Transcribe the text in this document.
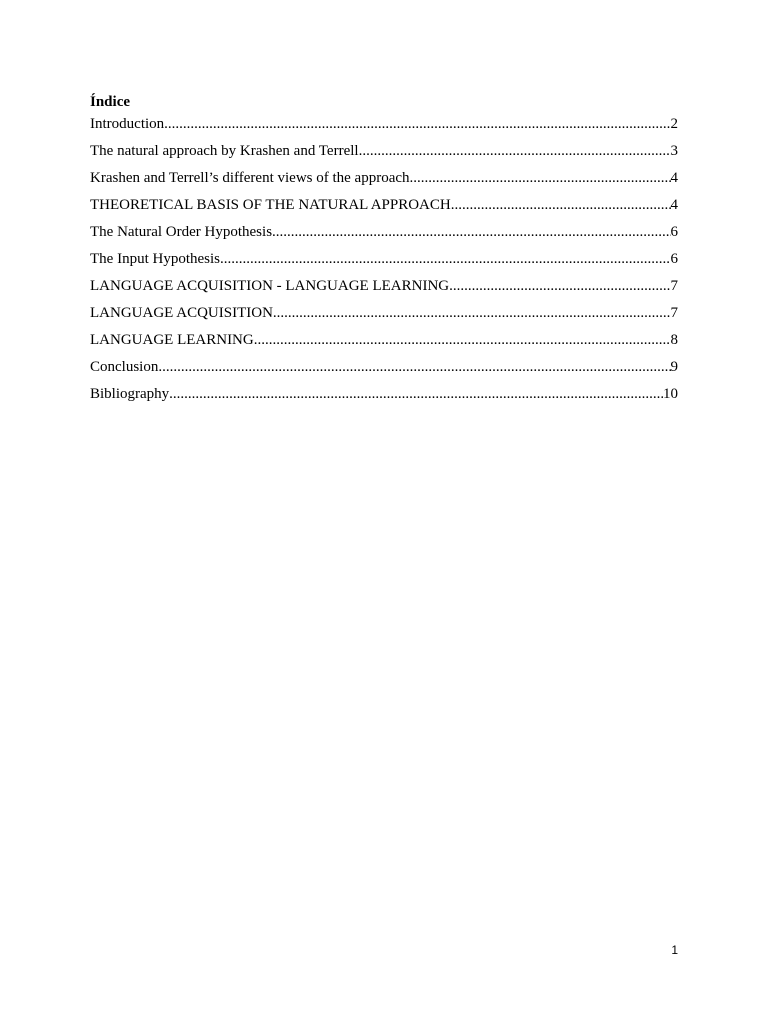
Índice
Introduction .....	2
The natural approach by Krashen and Terrell .....	3
Krashen and Terrell’s different views of the approach .....	4
THEORETICAL BASIS OF THE NATURAL APPROACH .....	4
The Natural Order Hypothesis .....	6
The Input Hypothesis .....	6
LANGUAGE ACQUISITION - LANGUAGE LEARNING .....	7
LANGUAGE ACQUISITION .....	7
LANGUAGE LEARNING .....	8
Conclusion .....	9
Bibliography .....	10
1
